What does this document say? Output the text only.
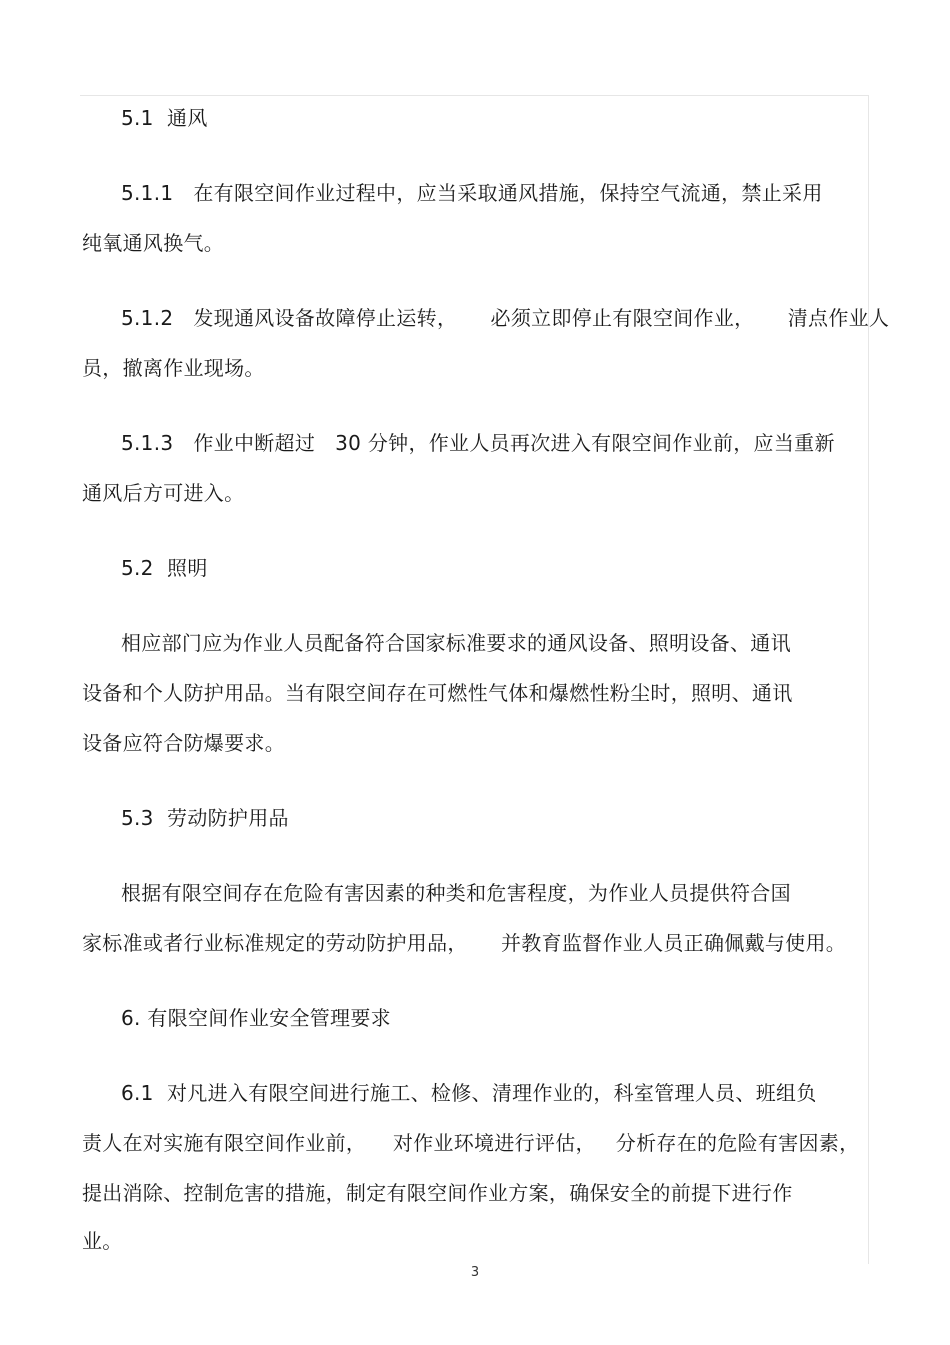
5.1  通风
5.1.1   在有限空间作业过程中，应当采取通风措施，保持空气流通，禁止采用
纯氧通风换气。
5.1.2   发现通风设备故障停止运转，     必须立即停止有限空间作业，     清点作业人
员，撤离作业现场。
5.1.3   作业中断超过   30 分钟，作业人员再次进入有限空间作业前，应当重新
通风后方可进入。
5.2  照明
相应部门应为作业人员配备符合国家标准要求的通风设备、照明设备、通讯
设备和个人防护用品。当有限空间存在可燃性气体和爆燃性粉尘时，照明、通讯
设备应符合防爆要求。
5.3  劳动防护用品
根据有限空间存在危险有害因素的种类和危害程度，为作业人员提供符合国
家标准或者行业标准规定的劳动防护用品，     并教育监督作业人员正确佩戴与使用。
6. 有限空间作业安全管理要求
6.1  对凡进入有限空间进行施工、检修、清理作业的，科室管理人员、班组负
责人在对实施有限空间作业前，    对作业环境进行评估，   分析存在的危险有害因素，
提出消除、控制危害的措施，制定有限空间作业方案，确保安全的前提下进行作
业。
3
